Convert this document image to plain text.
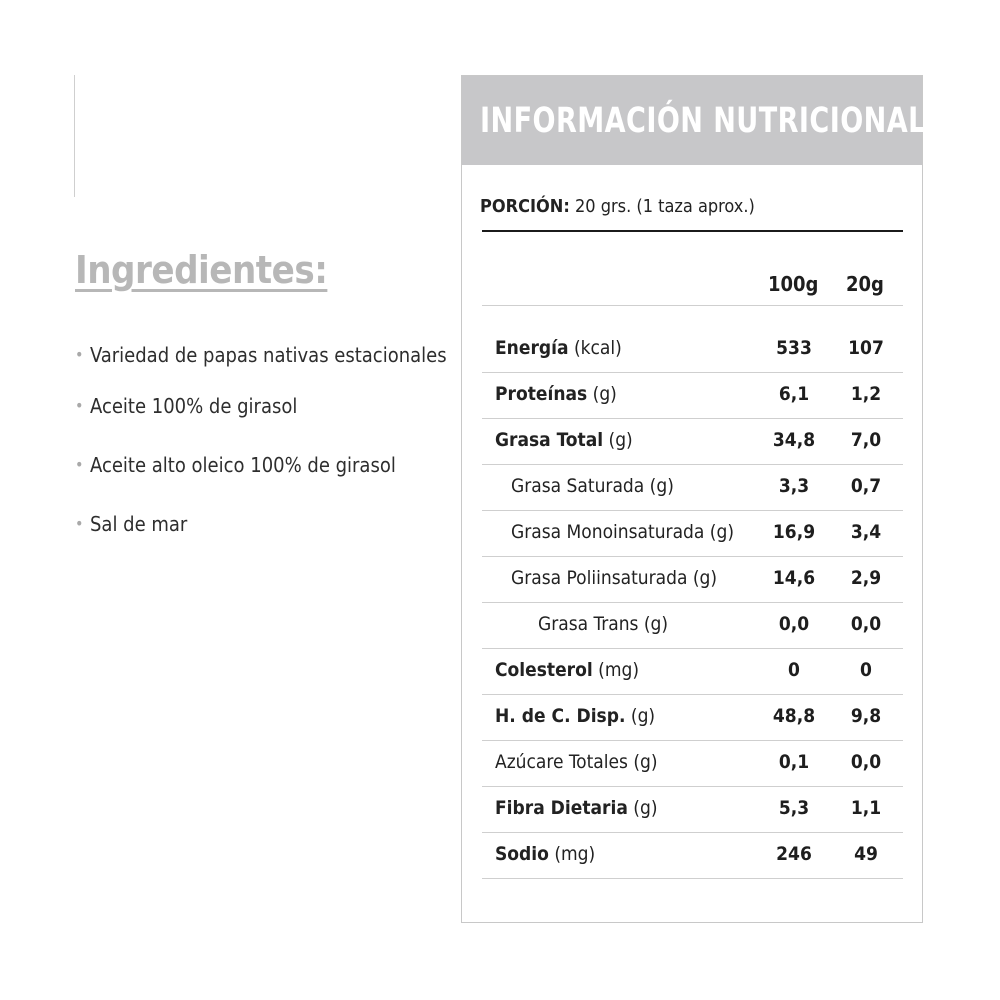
Ingredientes:
• Variedad de papas nativas estacionales
• Aceite 100% de girasol
• Aceite alto oleico 100% de girasol
• Sal de mar
INFORMACIÓN NUTRICIONAL
PORCIÓN: 20 grs. (1 taza aprox.)
100g 20g
Energía (kcal)	533	107
Proteínas (g)	6,1	1,2
Grasa Total (g)	34,8	7,0
Grasa Saturada (g)	3,3	0,7
Grasa Monoinsaturada (g)	16,9	3,4
Grasa Poliinsaturada (g)	14,6	2,9
Grasa Trans (g)	0,0	0,0
Colesterol (mg)	0	0
H. de C. Disp. (g)	48,8	9,8
Azúcare Totales (g)	0,1	0,0
Fibra Dietaria (g)	5,3	1,1
Sodio (mg)	246	49
